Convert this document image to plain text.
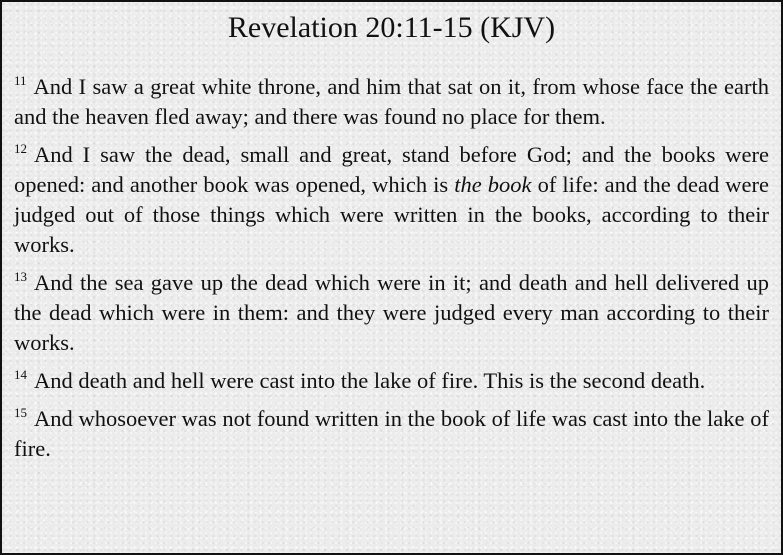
Revelation 20:11-15 (KJV)

$^{11}$ And I saw a great white throne, and him that sat on it, from whose face the earth and the heaven fled away; and there was found no place for them.

$^{12}$ And I saw the dead, small and great, stand before God; and the books were opened: and another book was opened, which is the book of life: and the dead were judged out of those things which were written in the books, according to their works.

$^{13}$ And the sea gave up the dead which were in it; and death and hell delivered up the dead which were in them: and they were judged every man according to their works.

$^{14}$ And death and hell were cast into the lake of fire. This is the second death.

$^{15}$ And whosoever was not found written in the book of life was cast into the lake of fire.
